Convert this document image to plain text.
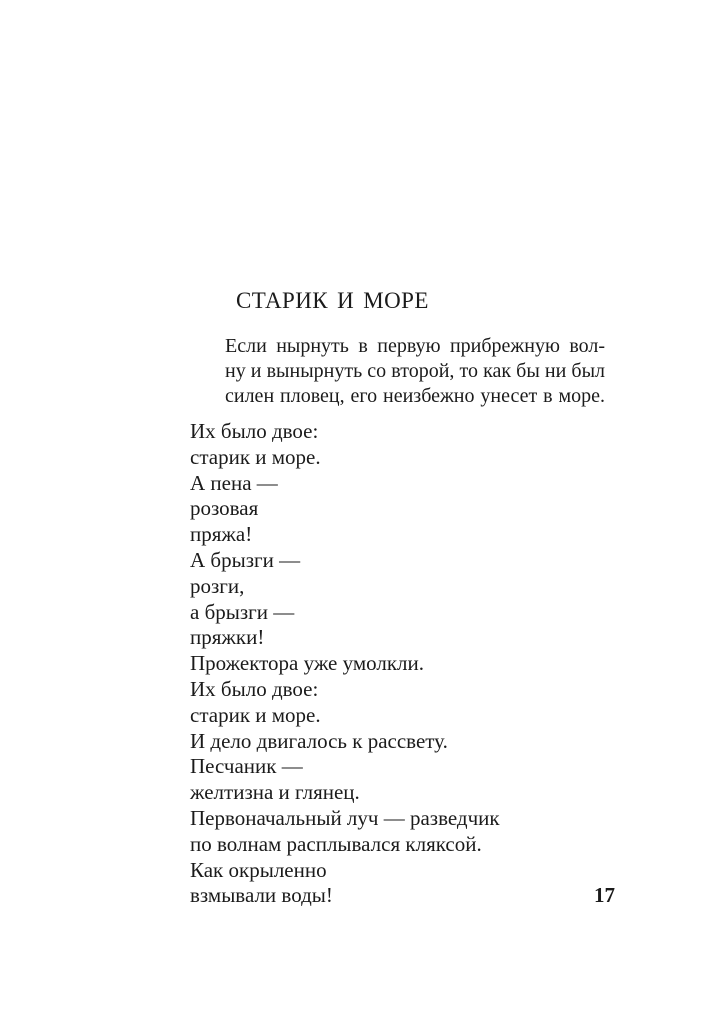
СТАРИК И МОРЕ
Если нырнуть в первую прибрежную вол-
ну и вынырнуть со второй, то как бы ни был
силен пловец, его неизбежно унесет в море.
Их было двое:
старик и море.
А пена —
розовая
пряжа!
А брызги —
розги,
а брызги —
пряжки!
Прожектора уже умолкли.
Их было двое:
старик и море.
И дело двигалось к рассвету.
Песчаник —
желтизна и глянец.
Первоначальный луч — разведчик
по волнам расплывался кляксой.
Как окрыленно
взмывали воды!	17
